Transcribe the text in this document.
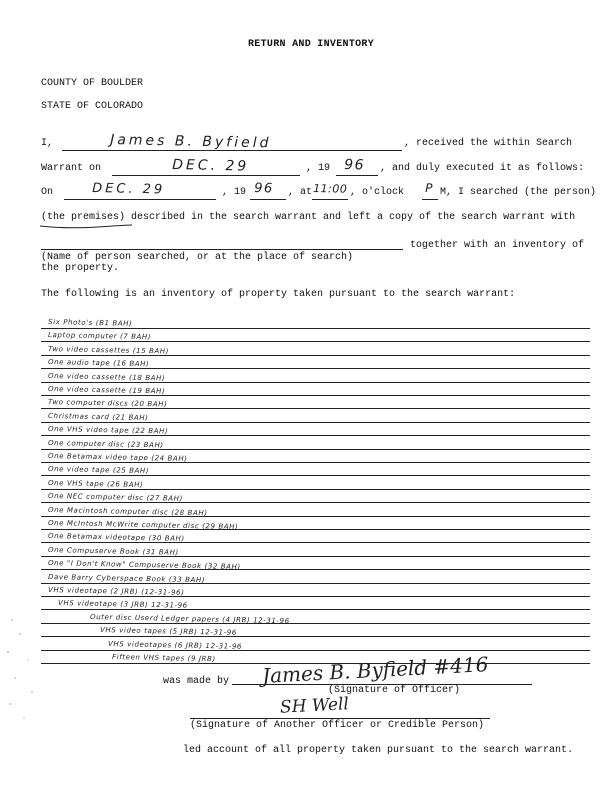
RETURN AND INVENTORY
COUNTY OF BOULDER
STATE OF COLORADO
I,	James B. Byfield	, received the within Search
Warrant on	DEC. 29	, 19 96 , and duly executed it as follows:
On	DEC. 29	, 19 96 , at 11:00 , o'clock P M, I searched (the person)
(the premises) described in the search warrant and left a copy of the search warrant with
together with an inventory of
(Name of person searched, or at the place of search)
the property.
The following is an inventory of property taken pursuant to the search warrant:
Six Photo's (B1 BAH)
Laptop computer (7 BAH)
Two video cassettes (15 BAH)
One audio tape (16 BAH)
One video cassette (18 BAH)
One video cassette (19 BAH)
Two computer discs (20 BAH)
Christmas card (21 BAH)
One VHS video tape (22 BAH)
One computer disc (23 BAH)
One Betamax video tape (24 BAH)
One video tape (25 BAH)
One VHS tape (26 BAH)
One NEC computer disc (27 BAH)
One Macintosh computer disc (28 BAH)
One McIntosh McWrite computer disc (29 BAH)
One Betamax videotape (30 BAH)
One Compuserve Book (31 BAH)
One "I Don't Know" Compuserve Book (32 BAH)
Dave Barry Cyberspace Book (33 BAH)
VHS videotape (2 JRB) (12-31-96)
VHS videotape (3 JRB) 12-31-96
Outer disc Userd Ledger papers (4 JRB) 12-31-96
VHS video tapes (5 JRB) 12-31-96
VHS videotapes (6 JRB) 12-31-96
Fifteen VHS tapes (9 JRB)
was made by James B. Byfield #416
(Signature of Officer)
SH Well
(Signature of Another Officer or Credible Person)
led account of all property taken pursuant to the search warrant.
